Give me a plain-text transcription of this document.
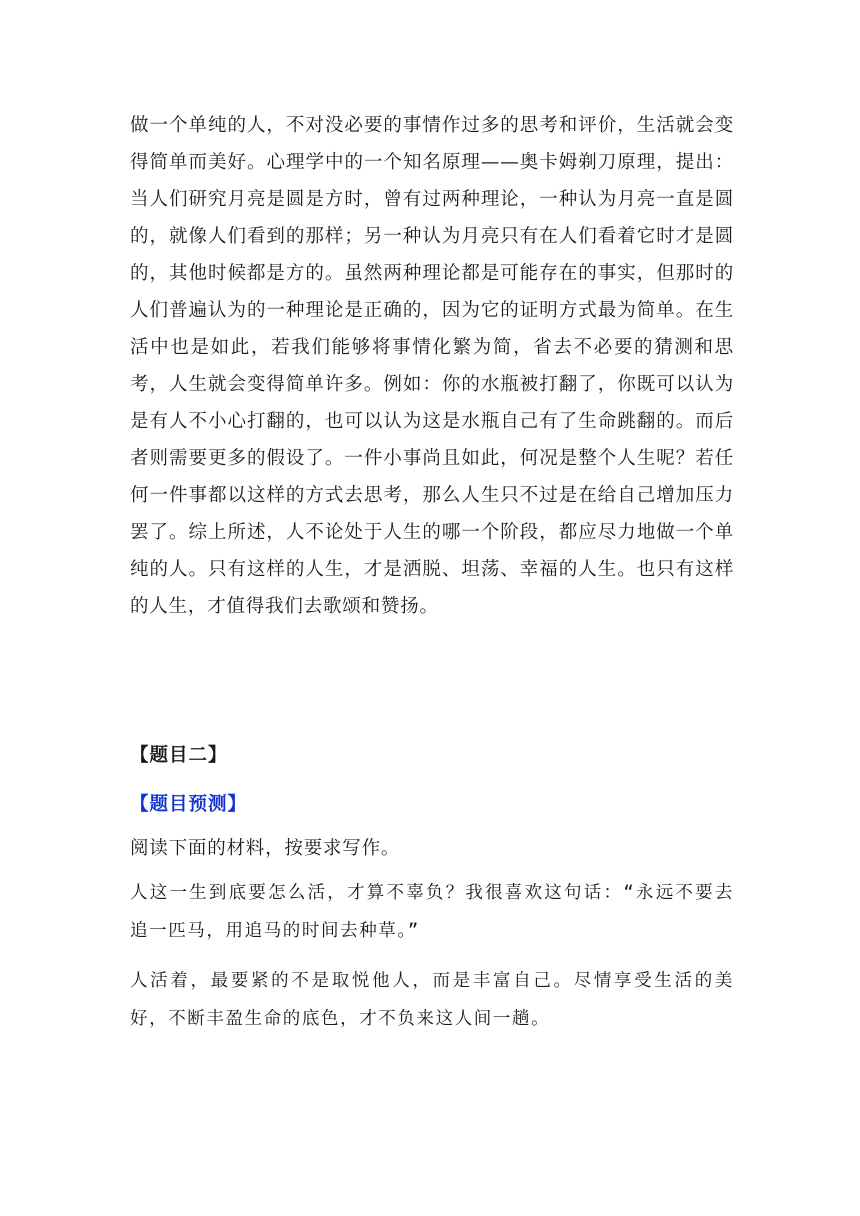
做一个单纯的人，不对没必要的事情作过多的思考和评价，生活就会变得简单而美好。心理学中的一个知名原理——奥卡姆剃刀原理，提出：当人们研究月亮是圆是方时，曾有过两种理论，一种认为月亮一直是圆的，就像人们看到的那样；另一种认为月亮只有在人们看着它时才是圆的，其他时候都是方的。虽然两种理论都是可能存在的事实，但那时的人们普遍认为的一种理论是正确的，因为它的证明方式最为简单。在生活中也是如此，若我们能够将事情化繁为简，省去不必要的猜测和思考，人生就会变得简单许多。例如：你的水瓶被打翻了，你既可以认为是有人不小心打翻的，也可以认为这是水瓶自己有了生命跳翻的。而后者则需要更多的假设了。一件小事尚且如此，何况是整个人生呢？若任何一件事都以这样的方式去思考，那么人生只不过是在给自己增加压力罢了。综上所述，人不论处于人生的哪一个阶段，都应尽力地做一个单纯的人。只有这样的人生，才是洒脱、坦荡、幸福的人生。也只有这样的人生，才值得我们去歌颂和赞扬。

【题目二】

【题目预测】

阅读下面的材料，按要求写作。

人这一生到底要怎么活，才算不辜负？我很喜欢这句话：“永远不要去追一匹马，用追马的时间去种草。”

人活着，最要紧的不是取悦他人，而是丰富自己。尽情享受生活的美好，不断丰盈生命的底色，才不负来这人间一趟。
